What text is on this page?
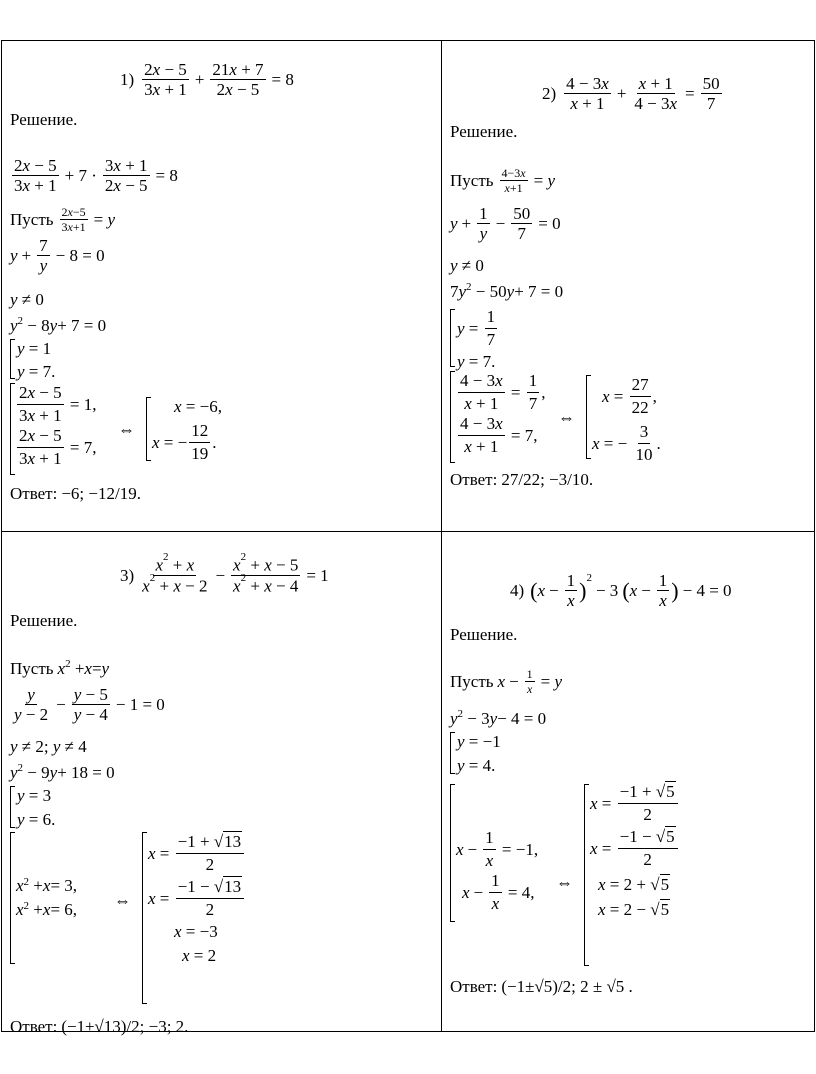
$1) \frac{2x - 5}{3x + 1} + \frac{21x + 7}{2x - 5} = 8$
Решение.
$\frac{2x - 5}{3x + 1} + 7 \cdot \frac{3x + 1}{2x - 5} = 8$
Пусть $\frac{2x-5}{3x+1} = y$
$y + \frac{7}{y} - 8 = 0$
y ≠ 0
y 2 − 8 y + 7 = 0
y = 1
y = 7.
$\frac{2x - 5}{3x + 1} = 1$,
$\frac{2x - 5}{3x + 1} = 7$,
⇔
x = −6,
x = − $\frac{12}{19}$ .
Ответ: −6; −12/19.
$2) \frac{4 - 3x}{x + 1} + \frac{x + 1}{4 - 3x} = \frac{50}{7}$
Решение.
Пусть $\frac{4-3x}{x+1} = y$
$y + \frac{1}{y} - \frac{50}{7} = 0$
y ≠ 0
7 y 2 − 50 y + 7 = 0
$y = \frac{1}{7}$
y = 7.
$\frac{4 - 3x}{x + 1} = \frac{1}{7}$ ,
$\frac{4 - 3x}{x + 1} = 7$,
⇔
$x = \frac{27}{22}$ ,
x = − $\frac{3}{10}$ .
Ответ: 27/22; −3/10.
$3) \frac{x^2 + x}{x^2 + x - 2} - \frac{x^2 + x - 5}{x^2 + x - 4} = 1$
Решение.
Пусть x 2 + x = y
$\frac{y}{y - 2} - \frac{y - 5}{y - 4} - 1 = 0$
y ≠ 2; y ≠ 4
y 2 − 9 y + 18 = 0
y = 3
y = 6.
x 2 + x = 3,
x 2 + x = 6, ⇔
$x = \frac{-1 + √13}{2}$
$x = \frac{-1 - √13}{2}$
x = −3
x = 2
Ответ: (−1±√13)/2; −3; 2.
4) ( $x - \frac{1}{x}$ ) 2
− 3 ( $x - \frac{1}{x}$ ) − 4 = 0
Решение.
Пусть $x - \frac{1}{x} = y$
y 2 − 3 y − 4 = 0
y = −1
y = 4.
$x - \frac{1}{x} = -1$,
$x - \frac{1}{x} = 4$, ⇔
$x = \frac{-1 + √5}{2}$
$x = \frac{-1 - √5}{2}$
x = 2 + √ 5
x = 2 − √ 5
Ответ: (−1±√5)/2; 2 ± √5 .
